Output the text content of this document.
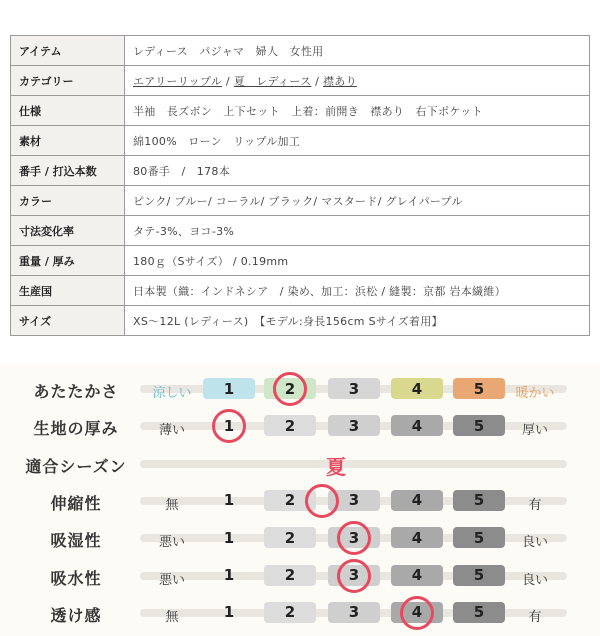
アイテム	レディース　パジャマ　婦人　女性用
カテゴリー	エアリーリップル / 夏　レディース / 襟あり
仕様	半袖　長ズボン　上下セット　上着：前開き　襟あり　右下ポケット
素材	綿100%　ローン　リップル加工
番手 / 打込本数	80番手　/　178本
カラー	ピンク/ ブルー/ コーラル/ ブラック/ マスタード/ グレイパープル
寸法変化率	タテ-3%、ヨコ-3%
重量 / 厚み	180ｇ（Sサイズ） / 0.19mm
生産国	日本製（織：インドネシア　/ 染め、加工：浜松 / 縫製：京都 岩本繊維）
サイズ	XS～12L (レディース)　【モデル:身長156cm Sサイズ着用】
あたたかさ	涼しい	1	2	3	4	5	暖かい
生地の厚み	薄い	1	2	3	4	5	厚い
適合シーズン	夏
伸縮性	無	1	2	3	4	5	有
吸湿性	悪い	1	2	3	4	5	良い
吸水性	悪い	1	2	3	4	5	良い
透け感	無	1	2	3	4	5	有
